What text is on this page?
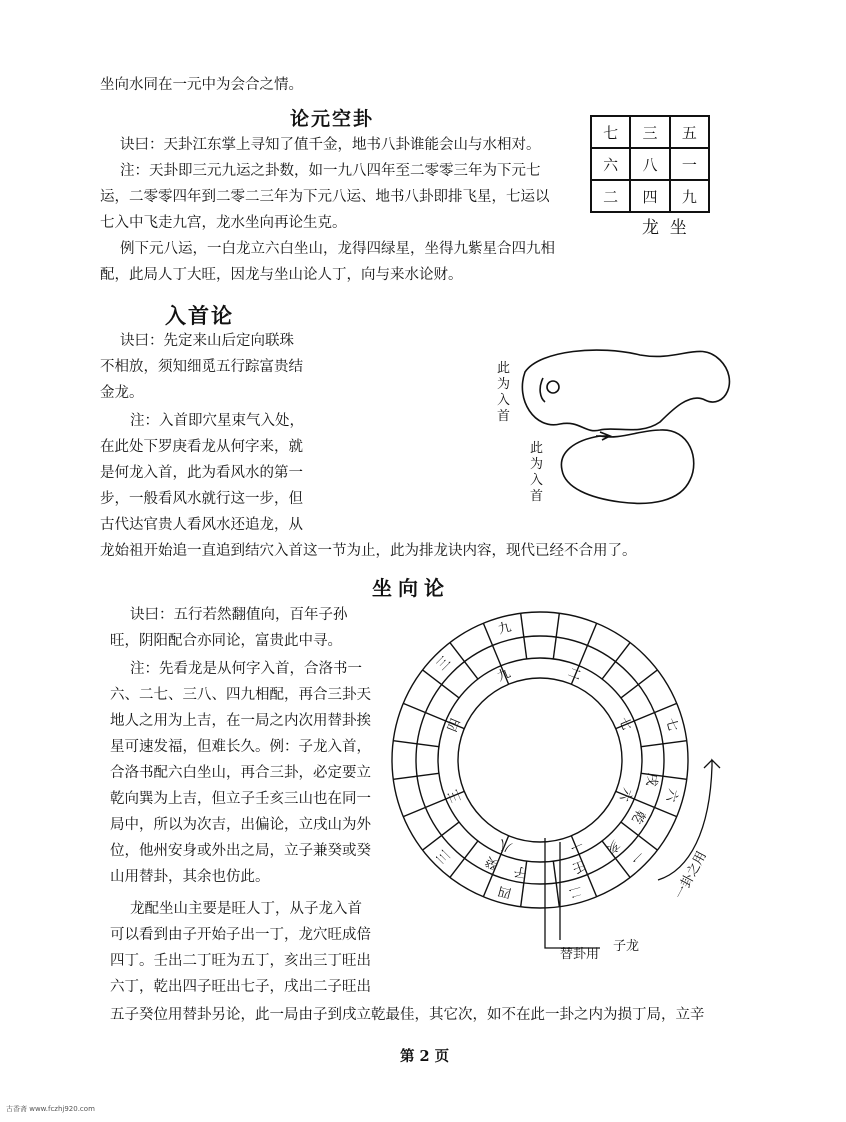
坐向水同在一元中为会合之情。
论元空卦
诀曰：天卦江东掌上寻知了值千金，地书八卦谁能会山与水相对。
注：天卦即三元九运之卦数，如一九八四年至二零零三年为下元七
运，二零零四年到二零二三年为下元八运、地书八卦即排飞星，七运以
七入中飞走九宫，龙水坐向再论生克。
例下元八运，一白龙立六白坐山，龙得四绿星，坐得九紫星合四九相
配，此局人丁大旺，因龙与坐山论人丁，向与来水论财。
七	三	五
六	八	一
二	四	九
龙  坐
入首论
诀曰：先定来山后定向联珠
不相放，须知细觅五行踪富贵结
金龙。
注：入首即穴星束气入处，
在此处下罗庚看龙从何字来，就
是何龙入首，此为看风水的第一
步，一般看风水就行这一步，但
古代达官贵人看风水还追龙，从
龙始祖开始追一直追到结穴入首这一节为止，此为排龙诀内容，现代已经不合用了。
坐向论
诀曰：五行若然翻值向，百年子孙
旺，阴阳配合亦同论，富贵此中寻。
注：先看龙是从何字入首，合洛书一
六、二七、三八、四九相配，再合三卦天
地人之用为上吉，在一局之内次用替卦挨
星可速发福，但难长久。例：子龙入首，
合洛书配六白坐山，再合三卦，必定要立
乾向巽为上吉，但立子壬亥三山也在同一
局中，所以为次吉，出偏论，立戌山为外
位，他州安身或外出之局，立子兼癸或癸
山用替卦，其余也仿此。
龙配坐山主要是旺人丁，从子龙入首
可以看到由子开始子出一丁，龙穴旺成倍
四丁。壬出二丁旺为五丁，亥出三丁旺出
六丁，乾出四子旺出七子，戌出二子旺出
五子癸位用替卦另论，此一局由子到戌立乾最佳，其它次，如不在此一卦之内为损丁局，立辛
第 2 页
古香斋 www.fczhj920.com
此为入首
此为入首
八	一
六
七
二
九
四
三
癸 子	壬
亥
乾
戌
三
四	二
一
六
七
九
三
替卦用
子龙
一卦之用
